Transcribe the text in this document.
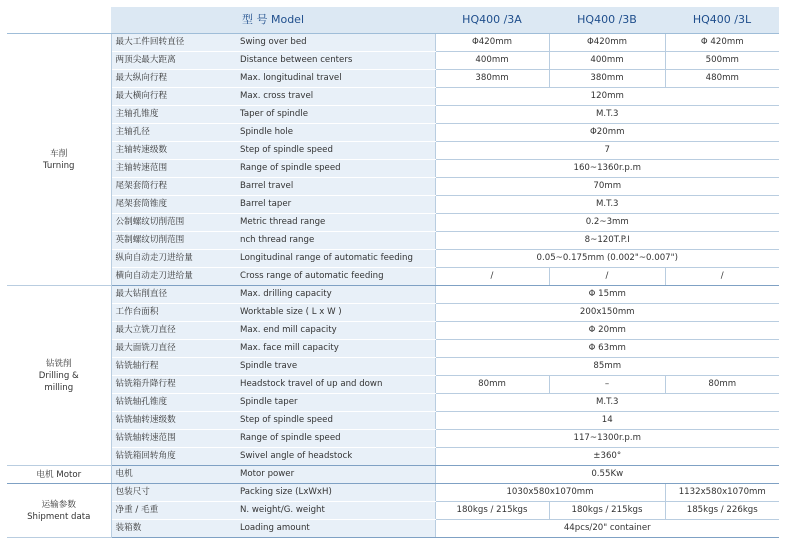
	型 号 Model		HQ400 /3A	HQ400 /3B	HQ400 /3L
车削
Turning	最大工件回转直径	Swing over bed	Φ420mm	Φ420mm	Φ 420mm
	两顶尖最大距离	Distance between centers	400mm	400mm	500mm
	最大纵向行程	Max. longitudinal travel	380mm	380mm	480mm
	最大横向行程	Max. cross travel	120mm		
	主轴孔锥度	Taper of spindle	M.T.3		
	主轴孔径	Spindle hole	Φ20mm		
	主轴转速级数	Step of spindle speed	7		
	主轴转速范围	Range of spindle speed	160~1360r.p.m		
	尾架套筒行程	Barrel travel	70mm		
	尾架套筒锥度	Barrel taper	M.T.3		
	公制螺纹切削范围	Metric thread range	0.2~3mm		
	英制螺纹切削范围	nch thread range	8~120T.P.I		
	纵向自动走刀进给量	Longitudinal range of automatic feeding	0.05~0.175mm (0.002"~0.007")		
	横向自动走刀进给量	Cross range of automatic feeding	/	/	/
钻铣削
Drilling &
milling	最大钻削直径	Max. drilling capacity	Φ 15mm		
	工作台面积	Worktable size ( L x W )	200x150mm		
	最大立铣刀直径	Max. end mill capacity	Φ 20mm		
	最大面铣刀直径	Max. face mill capacity	Φ 63mm		
	钻铣轴行程	Spindle trave	85mm		
	钻铣箱升降行程	Headstock travel of up and down	80mm	–	80mm
	钻铣轴孔锥度	Spindle taper	M.T.3		
	钻铣轴转速级数	Step of spindle speed	14		
	钻铣轴转速范围	Range of spindle speed	117~1300r.p.m		
	钻铣箱回转角度	Swivel angle of headstock	±360°		
电机 Motor	电机	Motor power	0.55Kw		
运输参数
Shipment data	包装尺寸	Packing size (LxWxH)	1030x580x1070mm		1132x580x1070mm
	净重 / 毛重	N. weight/G. weight	180kgs / 215kgs	180kgs / 215kgs	185kgs / 226kgs
	装箱数	Loading amount	44pcs/20" container		
